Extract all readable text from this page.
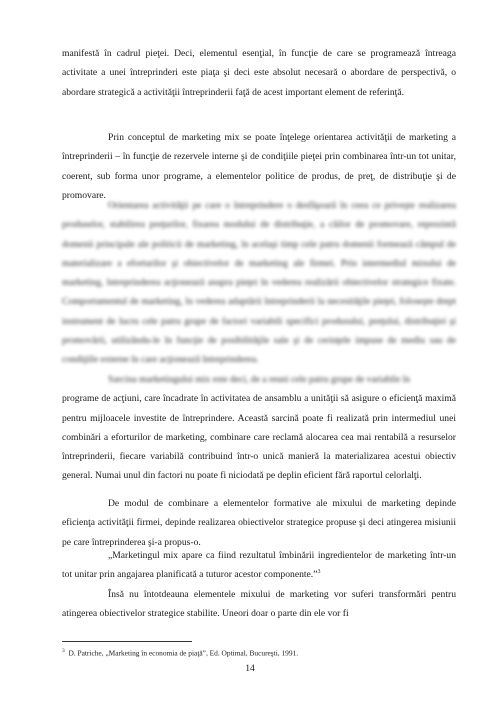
manifestă în cadrul pieţei. Deci, elementul esenţial, în funcţie de care se programează întreaga activitate a unei întreprinderi este piaţa şi deci este absolut necesară o abordare de perspectivă, o abordare strategică a activităţii întreprinderii faţă de acest important element de referinţă.

Prin conceptul de marketing mix se poate înţelege orientarea activităţii de marketing a întreprinderii – în funcţie de rezervele interne şi de condiţiile pieţei prin combinarea într-un tot unitar, coerent, sub forma unor programe, a elementelor politice de produs, de preţ, de distribuţie şi de promovare.

Orientarea activităţii pe care o întreprindere o desfăşoară în ceea ce priveşte realizarea produselor, stabilirea preţurilor, fixarea modului de distribuţie, a căilor de promovare, reprezintă domenii principale ale politicii de marketing, în acelaşi timp cele patru domenii formează câmpul de materializare a eforturilor şi obiectivelor de marketing ale firmei. Prin intermediul mixului de marketing, întreprinderea acţionează asupra pieţei în vederea realizării obiectivelor strategice fixate. Comportamentul de marketing, în vederea adaptării întreprinderii la necesităţile pieţei, foloseşte drept instrument de lucru cele patru grupe de factori variabili specifici produsului, preţului, distribuţiei şi promovării, utilizându-le în funcţie de posibilităţile sale şi de cerinţele impuse de mediu sau de condiţiile externe în care acţionează întreprinderea.

Sarcina marketingului mix este deci, de a reuni cele patru grupe de variabile în
programe de acţiuni, care încadrate în activitatea de ansamblu a unităţii să asigure o eficienţă maximă pentru mijloacele investite de întreprindere. Această sarcină poate fi realizată prin intermediul unei combinări a eforturilor de marketing, combinare care reclamă alocarea cea mai rentabilă a resurselor întreprinderii, fiecare variabilă contribuind într-o unică manieră la materializarea acestui obiectiv general. Numai unul din factori nu poate fi niciodată pe deplin eficient fără raportul celorlalţi.

De modul de combinare a elementelor formative ale mixului de marketing depinde eficienţa activităţii firmei, depinde realizarea obiectivelor strategice propuse şi deci atingerea misiunii pe care întreprinderea şi-a propus-o.

„Marketingul mix apare ca fiind rezultatul îmbinării ingredientelor de marketing într-un tot unitar prin angajarea planificată a tuturor acestor componente.”$^3$

Însă nu întotdeauna elementele mixului de marketing vor suferi transformări pentru atingerea obiectivelor strategice stabilite. Uneori doar o parte din ele vor fi

$^3$ D. Patriche, „Marketing în economia de piaţă”, Ed. Optimal, Bucureşti, 1991.

14
